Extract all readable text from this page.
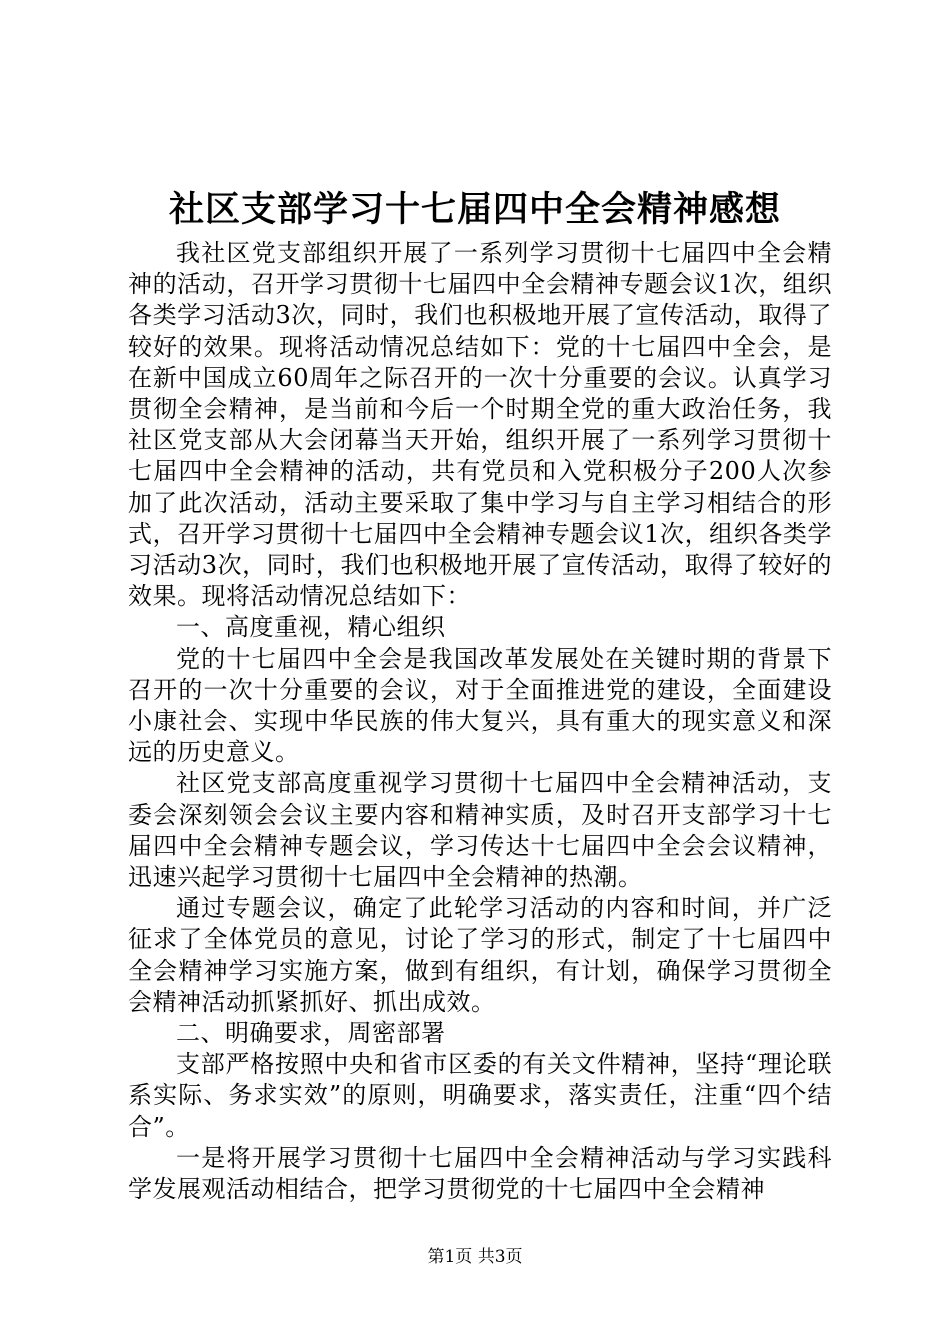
社区支部学习十七届四中全会精神感想

我社区党支部组织开展了一系列学习贯彻十七届四中全会精神的活动，召开学习贯彻十七届四中全会精神专题会议1次，组织各类学习活动3次，同时，我们也积极地开展了宣传活动，取得了较好的效果。现将活动情况总结如下：党的十七届四中全会，是在新中国成立60周年之际召开的一次十分重要的会议。认真学习贯彻全会精神，是当前和今后一个时期全党的重大政治任务，我社区党支部从大会闭幕当天开始，组织开展了一系列学习贯彻十七届四中全会精神的活动，共有党员和入党积极分子200人次参加了此次活动，活动主要采取了集中学习与自主学习相结合的形式，召开学习贯彻十七届四中全会精神专题会议1次，组织各类学习活动3次，同时，我们也积极地开展了宣传活动，取得了较好的效果。现将活动情况总结如下：

一、高度重视，精心组织

党的十七届四中全会是我国改革发展处在关键时期的背景下召开的一次十分重要的会议，对于全面推进党的建设，全面建设小康社会、实现中华民族的伟大复兴，具有重大的现实意义和深远的历史意义。

社区党支部高度重视学习贯彻十七届四中全会精神活动，支委会深刻领会会议主要内容和精神实质，及时召开支部学习十七届四中全会精神专题会议，学习传达十七届四中全会会议精神，迅速兴起学习贯彻十七届四中全会精神的热潮。

通过专题会议，确定了此轮学习活动的内容和时间，并广泛征求了全体党员的意见，讨论了学习的形式，制定了十七届四中全会精神学习实施方案，做到有组织，有计划，确保学习贯彻全会精神活动抓紧抓好、抓出成效。

二、明确要求，周密部署

支部严格按照中央和省市区委的有关文件精神，坚持“理论联系实际、务求实效”的原则，明确要求，落实责任，注重“四个结合”。

一是将开展学习贯彻十七届四中全会精神活动与学习实践科学发展观活动相结合，把学习贯彻党的十七届四中全会精神

第1页 共3页
